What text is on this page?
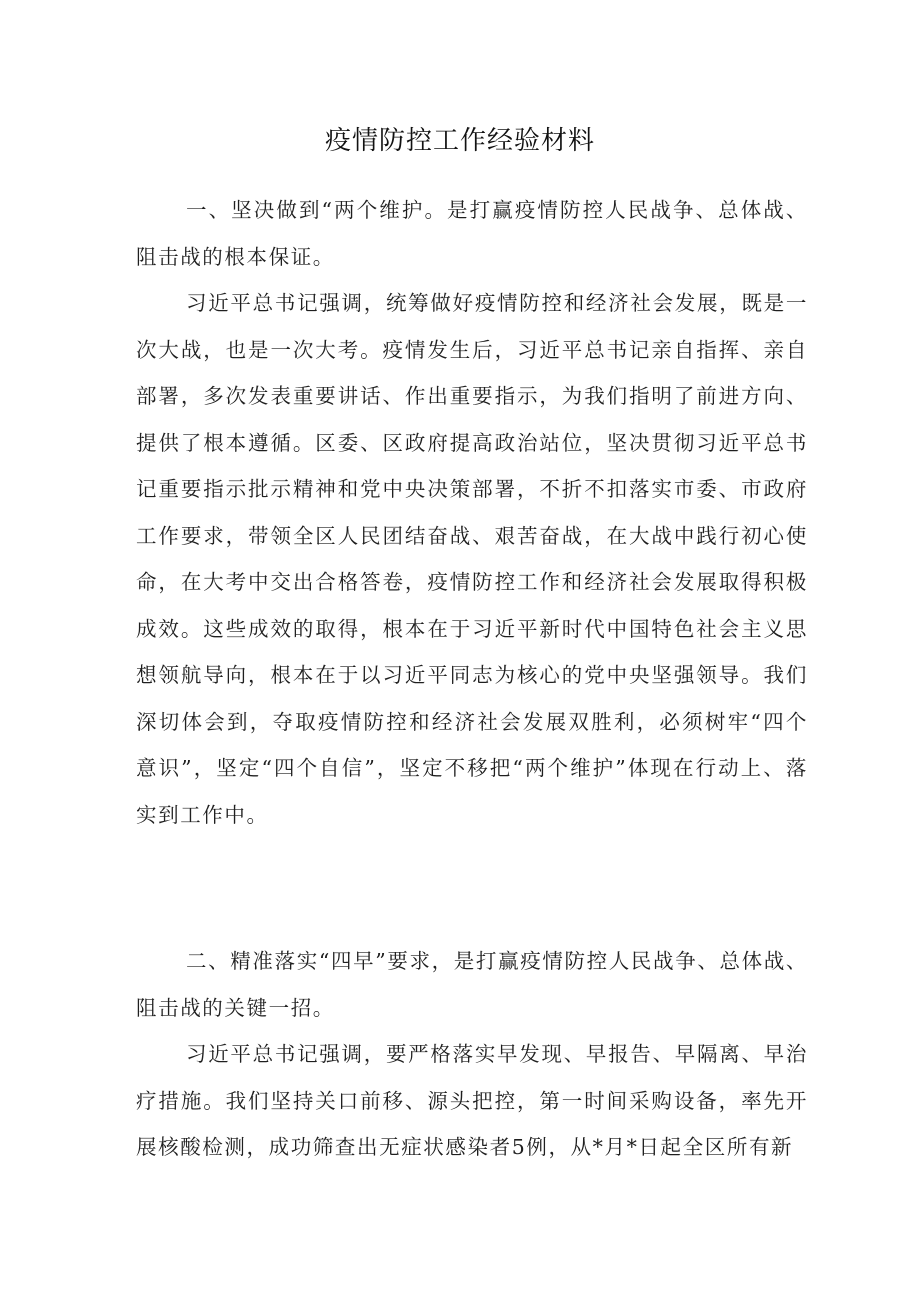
疫情防控工作经验材料

一、坚决做到“两个维护。是打赢疫情防控人民战争、总体战、阻击战的根本保证。

习近平总书记强调，统筹做好疫情防控和经济社会发展，既是一次大战，也是一次大考。疫情发生后，习近平总书记亲自指挥、亲自部署，多次发表重要讲话、作出重要指示，为我们指明了前进方向、提供了根本遵循。区委、区政府提高政治站位，坚决贯彻习近平总书记重要指示批示精神和党中央决策部署，不折不扣落实市委、市政府工作要求，带领全区人民团结奋战、艰苦奋战，在大战中践行初心使命，在大考中交出合格答卷，疫情防控工作和经济社会发展取得积极成效。这些成效的取得，根本在于习近平新时代中国特色社会主义思想领航导向，根本在于以习近平同志为核心的党中央坚强领导。我们深切体会到，夺取疫情防控和经济社会发展双胜利，必须树牢“四个意识”，坚定“四个自信”，坚定不移把“两个维护”体现在行动上、落实到工作中。

二、精准落实“四早”要求，是打赢疫情防控人民战争、总体战、阻击战的关键一招。

习近平总书记强调，要严格落实早发现、早报告、早隔离、早治疗措施。我们坚持关口前移、源头把控，第一时间采购设备，率先开展核酸检测，成功筛查出无症状感染者5例，从*月*日起全区所有新
